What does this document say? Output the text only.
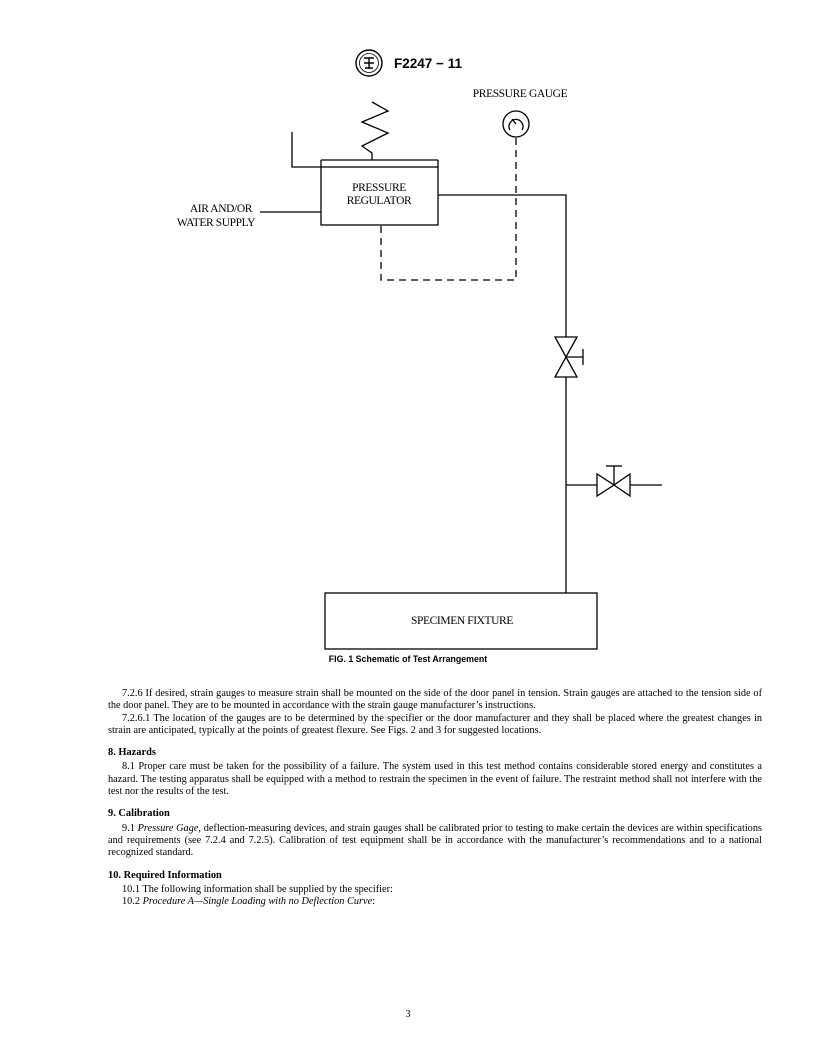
F2247 − 11
PRESSURE GAUGE
PRESSURE
REGULATOR
AIR AND/OR
WATER SUPPLY
SPECIMEN FIXTURE
FIG. 1 Schematic of Test Arrangement

7.2.6 If desired, strain gauges to measure strain shall be mounted on the side of the door panel in tension. Strain gauges are attached to the tension side of the door panel. They are to be mounted in accordance with the strain gauge manufacturer’s instructions.

7.2.6.1 The location of the gauges are to be determined by the specifier or the door manufacturer and they shall be placed where the greatest changes in strain are anticipated, typically at the points of greatest flexure. See Figs. 2 and 3 for suggested locations.

8. Hazards

8.1 Proper care must be taken for the possibility of a failure. The system used in this test method contains considerable stored energy and constitutes a hazard. The testing apparatus shall be equipped with a method to restrain the specimen in the event of failure. The restraint method shall not interfere with the test nor the results of the test.

9. Calibration

9.1 Pressure Gage, deflection-measuring devices, and strain gauges shall be calibrated prior to testing to make certain the devices are within specifications and requirements (see 7.2.4 and 7.2.5). Calibration of test equipment shall be in accordance with the manufacturer’s recommendations and to a national recognized standard.

10. Required Information

10.1 The following information shall be supplied by the specifier:

10.2 Procedure A—Single Loading with no Deflection Curve:

3
